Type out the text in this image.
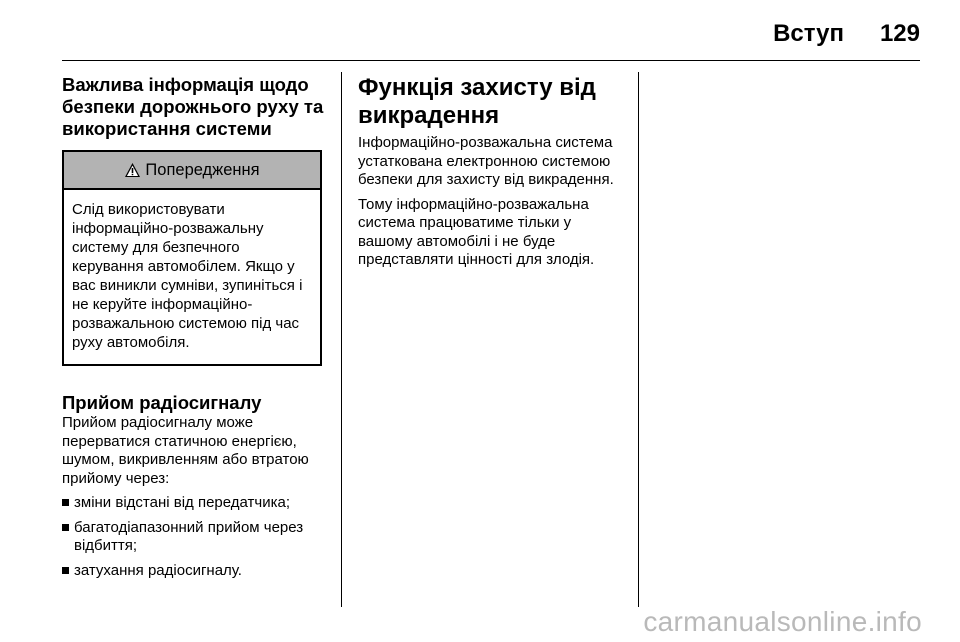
Вступ 129
Важлива інформація щодо безпеки дорожнього руху та використання системи
Попередження
Слід використовувати інформаційно-розважальну систему для безпечного керування автомобілем. Якщо у вас виникли сумніви, зупиніться і не керуйте інформаційно-розважальною системою під час руху автомобіля.
Прийом радіосигналу

Прийом радіосигналу може перерватися статичною енергією, шумом, викривленням або втратою прийому через:

зміни відстані від передатчика;
багатодіапазонний прийом через відбиття;
затухання радіосигналу.
Функція захисту від викрадення

Інформаційно-розважальна система устаткована електронною системою безпеки для захисту від викрадення.

Тому інформаційно-розважальна система працюватиме тільки у вашому автомобілі і не буде представляти цінності для злодія.

carmanualsonline.info
